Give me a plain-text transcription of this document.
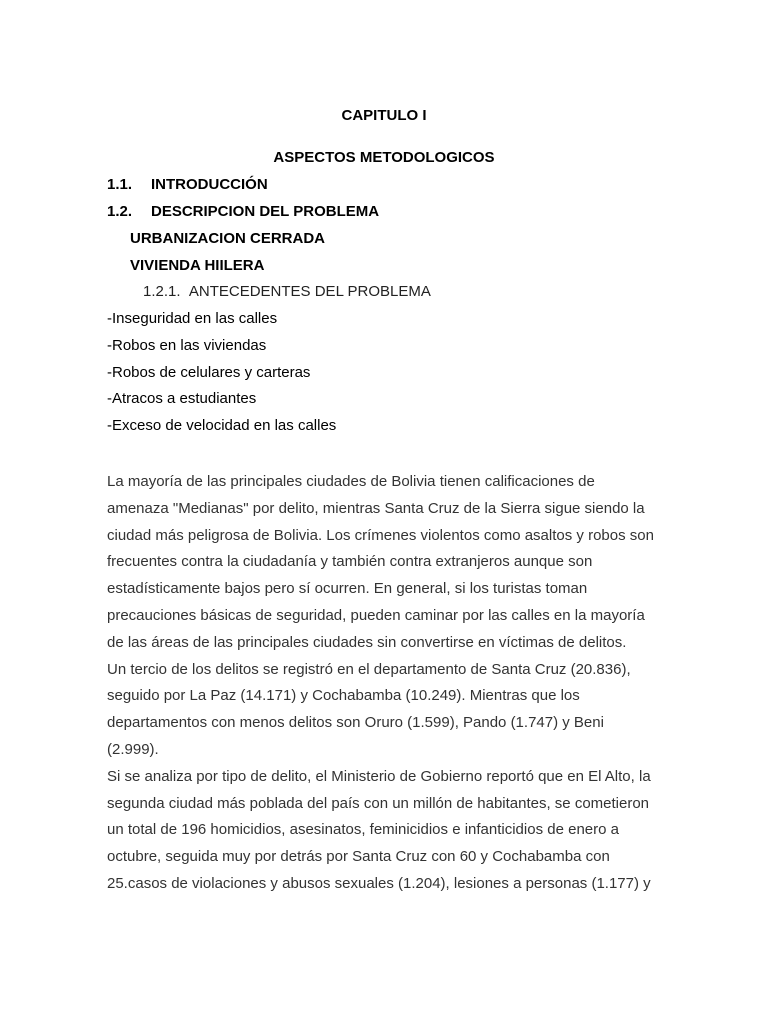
CAPITULO I
ASPECTOS METODOLOGICOS
1.1. INTRODUCCIÓN
1.2. DESCRIPCION DEL PROBLEMA
URBANIZACION CERRADA
VIVIENDA HIILERA
1.2.1. ANTECEDENTES DEL PROBLEMA
-Inseguridad en las calles
-Robos en las viviendas
-Robos de celulares y carteras
-Atracos a estudiantes
-Exceso de velocidad en las calles

La mayoría de las principales ciudades de Bolivia tienen calificaciones de

amenaza "Medianas" por delito, mientras Santa Cruz de la Sierra sigue siendo la

ciudad más peligrosa de Bolivia. Los crímenes violentos como asaltos y robos son

frecuentes contra la ciudadanía y también contra extranjeros aunque son

estadísticamente bajos pero sí ocurren. En general, si los turistas toman

precauciones básicas de seguridad, pueden caminar por las calles en la mayoría

de las áreas de las principales ciudades sin convertirse en víctimas de delitos.

Un tercio de los delitos se registró en el departamento de Santa Cruz (20.836),

seguido por La Paz (14.171) y Cochabamba (10.249). Mientras que los

departamentos con menos delitos son Oruro (1.599), Pando (1.747) y Beni

(2.999).

Si se analiza por tipo de delito, el Ministerio de Gobierno reportó que en El Alto, la

segunda ciudad más poblada del país con un millón de habitantes, se cometieron

un total de 196 homicidios, asesinatos, feminicidios e infanticidios de enero a

octubre, seguida muy por detrás por Santa Cruz con 60 y Cochabamba con

25.casos de violaciones y abusos sexuales (1.204), lesiones a personas (1.177) y
